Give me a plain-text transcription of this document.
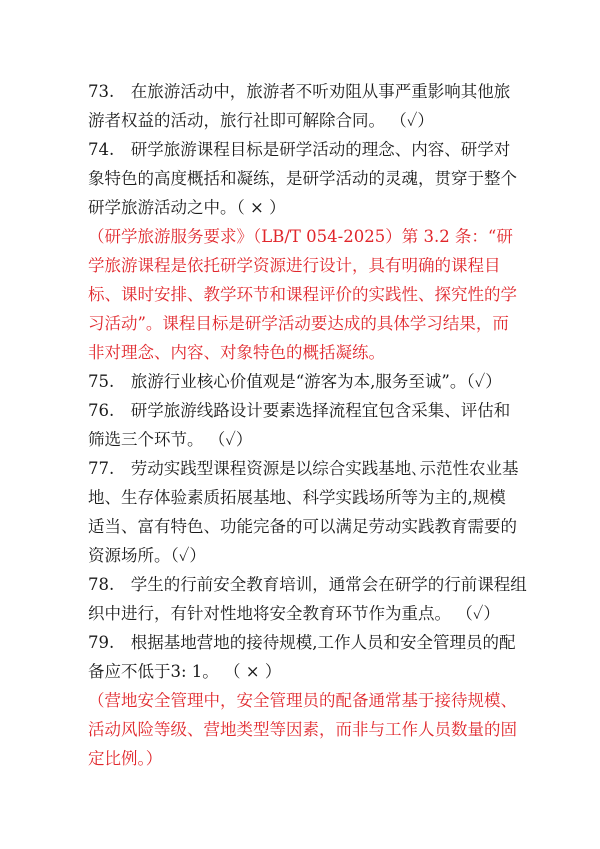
73.　在旅游活动中，旅游者不听劝阻从事严重影响其他旅
游者权益的活动，旅行社即可解除合同。 （✓）
74.　研学旅游课程目标是研学活动的理念、内容、研学对
象特色的高度概括和凝练，是研学活动的灵魂，贯穿于整个
研学旅游活动之中。（ × ）
（研学旅游服务要求》（LB/T 054-2025）第 3.2 条：“研
学旅游课程是依托研学资源进行设计，具有明确的课程目
标、课时安排、教学环节和课程评价的实践性、探究性的学
习活动”。课程目标是研学活动要达成的具体学习结果，而
非对理念、内容、对象特色的概括凝练。
75.　旅游行业核心价值观是“游客为本,服务至诚”。（✓）
76.　研学旅游线路设计要素选择流程宜包含采集、评估和
筛选三个环节。 （✓）
77.　劳动实践型课程资源是以综合实践基地､示范性农业基
地、生存体验素质拓展基地、科学实践场所等为主的,规模
适当、富有特色、功能完备的可以满足劳动实践教育需要的
资源场所。（✓）
78.　学生的行前安全教育培训，通常会在研学的行前课程组
织中进行，有针对性地将安全教育环节作为重点。 （✓）
79.　根据基地营地的接待规模,工作人员和安全管理员的配
备应不低于3: 1。 （ × ）
（营地安全管理中，安全管理员的配备通常基于接待规模、
活动风险等级、营地类型等因素，而非与工作人员数量的固
定比例。）
